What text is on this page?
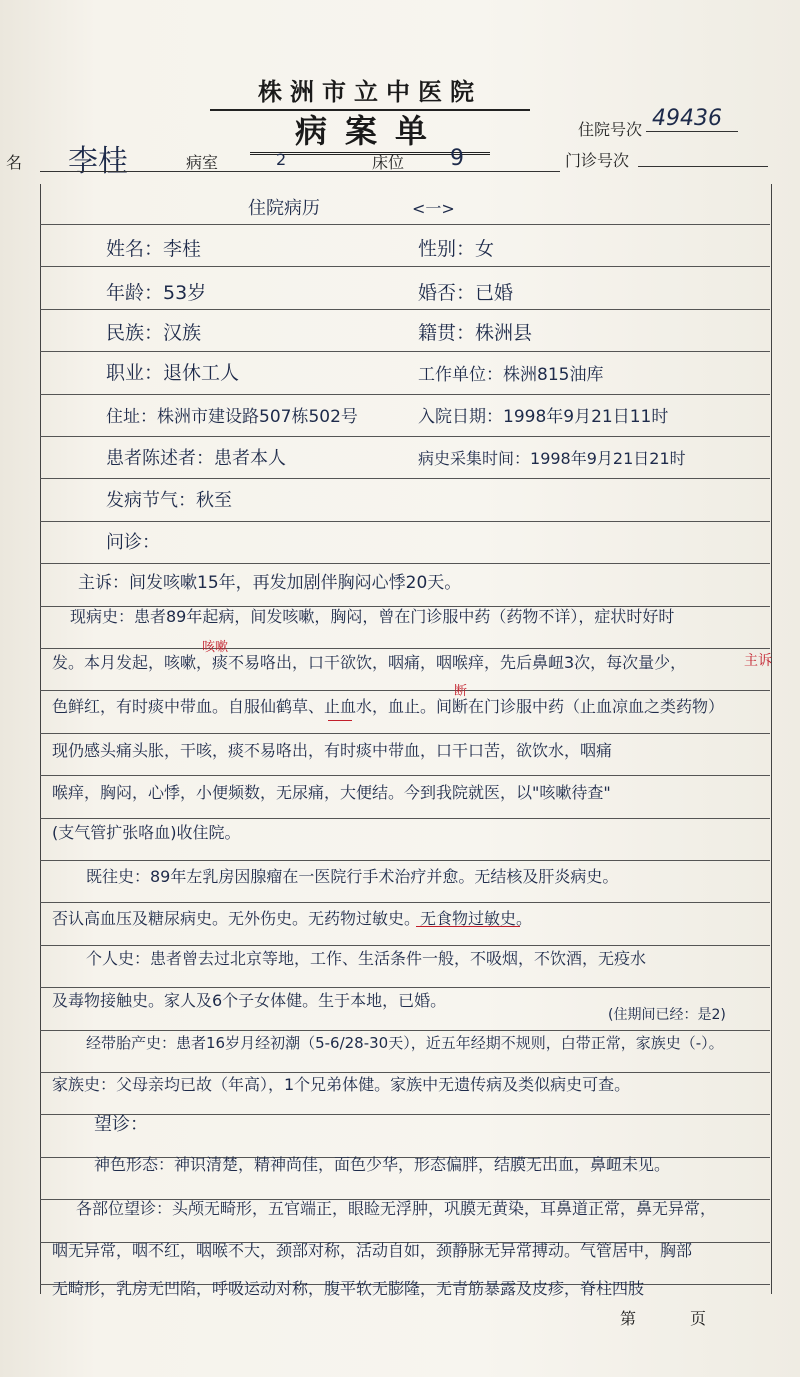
株洲市立中医院
病案单	住院号次 49436
名 李桂	病室	2	床位 9	门诊号次
住院病历	<一>
姓名：李桂	性别：女
年龄：53岁	婚否：已婚
民族：汉族	籍贯：株洲县
职业：退休工人	工作单位：株洲815油库
住址：株洲市建设路507栋502号	入院日期：1998年9月21日11时
患者陈述者：患者本人	病史采集时间：1998年9月21日21时
发病节气：秋至
问诊：
主诉：间发咳嗽15年，再发加剧伴胸闷心悸20天。
现病史：患者89年起病，间发咳嗽，胸闷，曾在门诊服中药（药物不详），症状时好时
发。本月发起，咳嗽，痰不易咯出，口干欲饮，咽痛，咽喉痒，先后鼻衄3次，每次量少，
色鲜红，有时痰中带血。自服仙鹤草、止血水，血止。间断在门诊服中药（止血凉血之类药物）
现仍感头痛头胀，干咳，痰不易咯出，有时痰中带血，口干口苦，欲饮水，咽痛
喉痒，胸闷，心悸，小便频数，无尿痛，大便结。今到我院就医，以"咳嗽待查"
(支气管扩张咯血)收住院。
既往史：89年左乳房因腺瘤在一医院行手术治疗并愈。无结核及肝炎病史。
否认高血压及糖尿病史。无外伤史。无药物过敏史。无食物过敏史。
个人史：患者曾去过北京等地，工作、生活条件一般，不吸烟，不饮酒，无疫水
及毒物接触史。家人及6个子女体健。生于本地，已婚。
经带胎产史：患者16岁月经初潮（5-6/28-30天），近五年经期不规则，白带正常，家族史（-）。
家族史：父母亲均已故（年高），1个兄弟体健。家族中无遗传病及类似病史可查。
(住期间已经：是2)
望诊：
神色形态：神识清楚，精神尚佳，面色少华，形态偏胖，结膜无出血，鼻衄未见。
各部位望诊：头颅无畸形，五官端正，眼睑无浮肿，巩膜无黄染，耳鼻道正常，鼻无异常，
咽无异常，咽不红，咽喉不大，颈部对称，活动自如，颈静脉无异常搏动。气管居中，胸部
无畸形，乳房无凹陷，呼吸运动对称，腹平软无膨隆，无青筋暴露及皮疹，脊柱四肢
咳嗽
主诉
断
第	页
